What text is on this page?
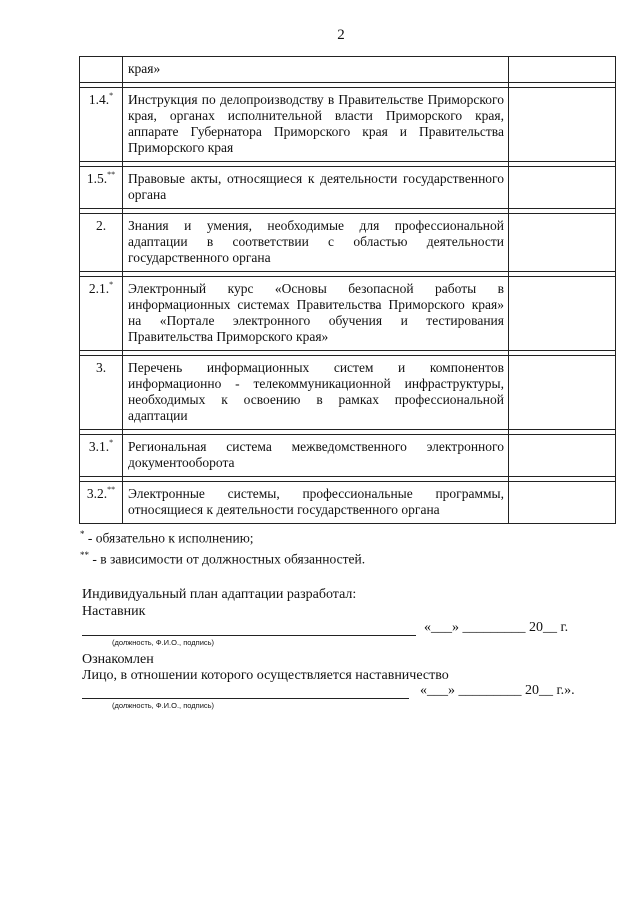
2
	края»	

1.4.*	Инструкция по делопроизводству в Правительстве Приморского края, органах исполнительной власти Приморского края, аппарате Губернатора Приморского края и Правительства Приморского края	

1.5.**	Правовые акты, относящиеся к деятельности государственного органа	

2.	Знания и умения, необходимые для профессиональной адаптации в соответствии с областью деятельности государственного органа	

2.1.*	Электронный курс «Основы безопасной работы в информационных системах Правительства Приморского края» на «Портале электронного обучения и тестирования Правительства Приморского края»	

3.	Перечень информационных систем и компонентов информационно - телекоммуникационной инфраструктуры, необходимых к освоению в рамках профессиональной адаптации	

3.1.*	Региональная система межведомственного электронного документооборота	

3.2.**	Электронные системы, профессиональные программы, относящиеся к деятельности государственного органа	
* - обязательно к исполнению;
** - в зависимости от должностных обязанностей.
Индивидуальный план адаптации разработал:
Наставник
«___» _________ 20__ г.
(должность, Ф.И.О., подпись)
Ознакомлен
Лицо, в отношении которого осуществляется наставничество
«___» _________ 20__ г.».
(должность, Ф.И.О., подпись)
